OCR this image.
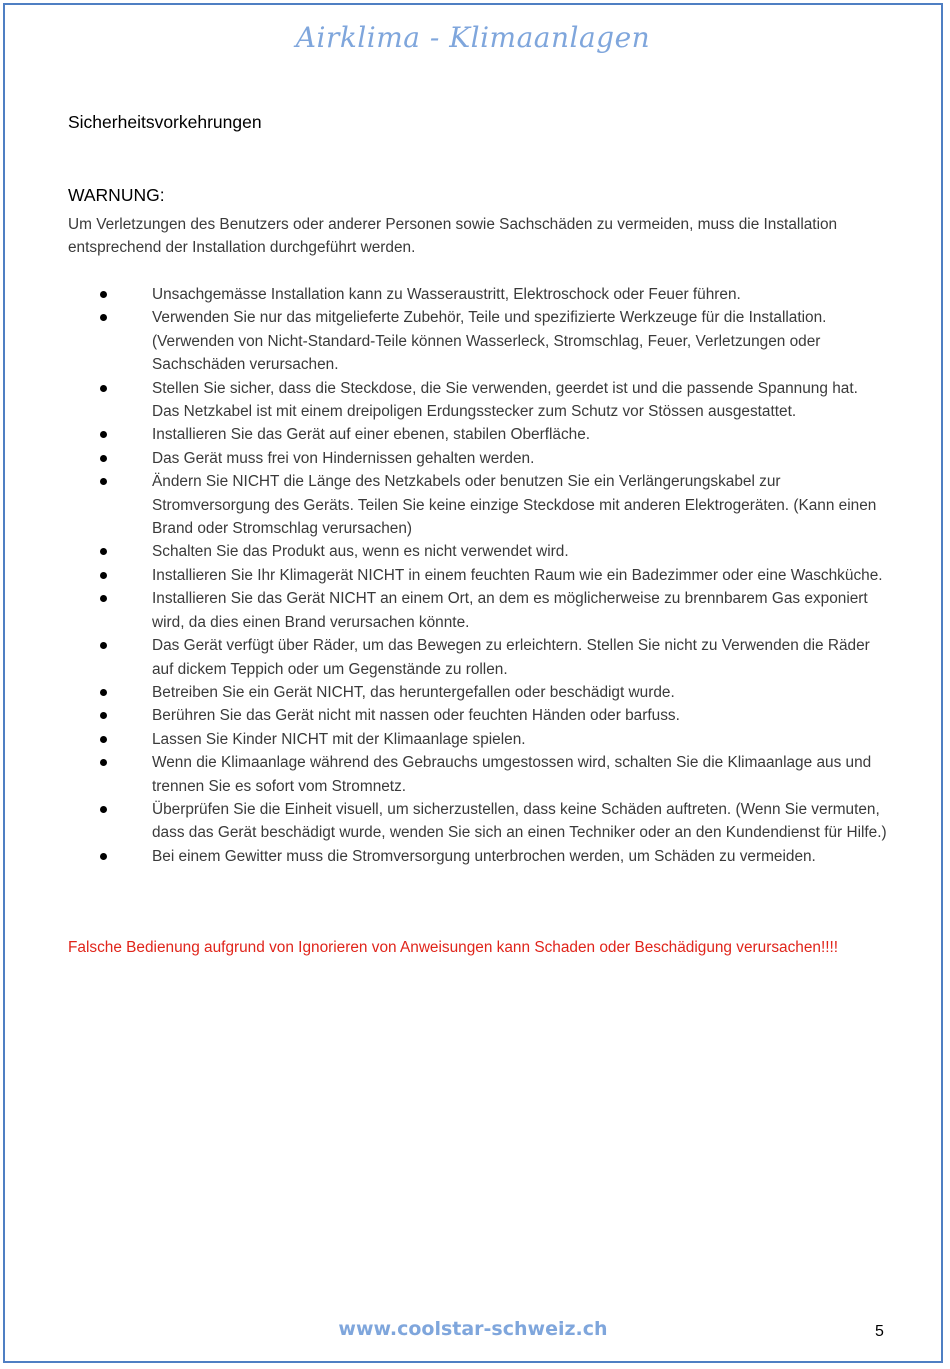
Airklima - Klimaanlagen
Sicherheitsvorkehrungen
WARNUNG:

Um Verletzungen des Benutzers oder anderer Personen sowie Sachschäden zu vermeiden, muss die Installation entsprechend der Installation durchgeführt werden.

Unsachgemässe Installation kann zu Wasseraustritt, Elektroschock oder Feuer führen.
Verwenden Sie nur das mitgelieferte Zubehör, Teile und spezifizierte Werkzeuge für die Installation. (Verwenden von Nicht-Standard-Teile können Wasserleck, Stromschlag, Feuer, Verletzungen oder Sachschäden verursachen.
Stellen Sie sicher, dass die Steckdose, die Sie verwenden, geerdet ist und die passende Spannung hat. Das Netzkabel ist mit einem dreipoligen Erdungsstecker zum Schutz vor Stössen ausgestattet.
Installieren Sie das Gerät auf einer ebenen, stabilen Oberfläche.
Das Gerät muss frei von Hindernissen gehalten werden.
Ändern Sie NICHT die Länge des Netzkabels oder benutzen Sie ein Verlängerungskabel zur Stromversorgung des Geräts. Teilen Sie keine einzige Steckdose mit anderen Elektrogeräten. (Kann einen Brand oder Stromschlag verursachen)
Schalten Sie das Produkt aus, wenn es nicht verwendet wird.
Installieren Sie Ihr Klimagerät NICHT in einem feuchten Raum wie ein Badezimmer oder eine Waschküche.
Installieren Sie das Gerät NICHT an einem Ort, an dem es möglicherweise zu brennbarem Gas exponiert wird, da dies einen Brand verursachen könnte.
Das Gerät verfügt über Räder, um das Bewegen zu erleichtern. Stellen Sie nicht zu Verwenden die Räder auf dickem Teppich oder um Gegenstände zu rollen.
Betreiben Sie ein Gerät NICHT, das heruntergefallen oder beschädigt wurde.
Berühren Sie das Gerät nicht mit nassen oder feuchten Händen oder barfuss.
Lassen Sie Kinder NICHT mit der Klimaanlage spielen.
Wenn die Klimaanlage während des Gebrauchs umgestossen wird, schalten Sie die Klimaanlage aus und trennen Sie es sofort vom Stromnetz.
Überprüfen Sie die Einheit visuell, um sicherzustellen, dass keine Schäden auftreten. (Wenn Sie vermuten, dass das Gerät beschädigt wurde, wenden Sie sich an einen Techniker oder an den Kundendienst für Hilfe.)
Bei einem Gewitter muss die Stromversorgung unterbrochen werden, um Schäden zu vermeiden.

Falsche Bedienung aufgrund von Ignorieren von Anweisungen kann Schaden oder Beschädigung verursachen!!!!

www.coolstar-schweiz.ch	5
